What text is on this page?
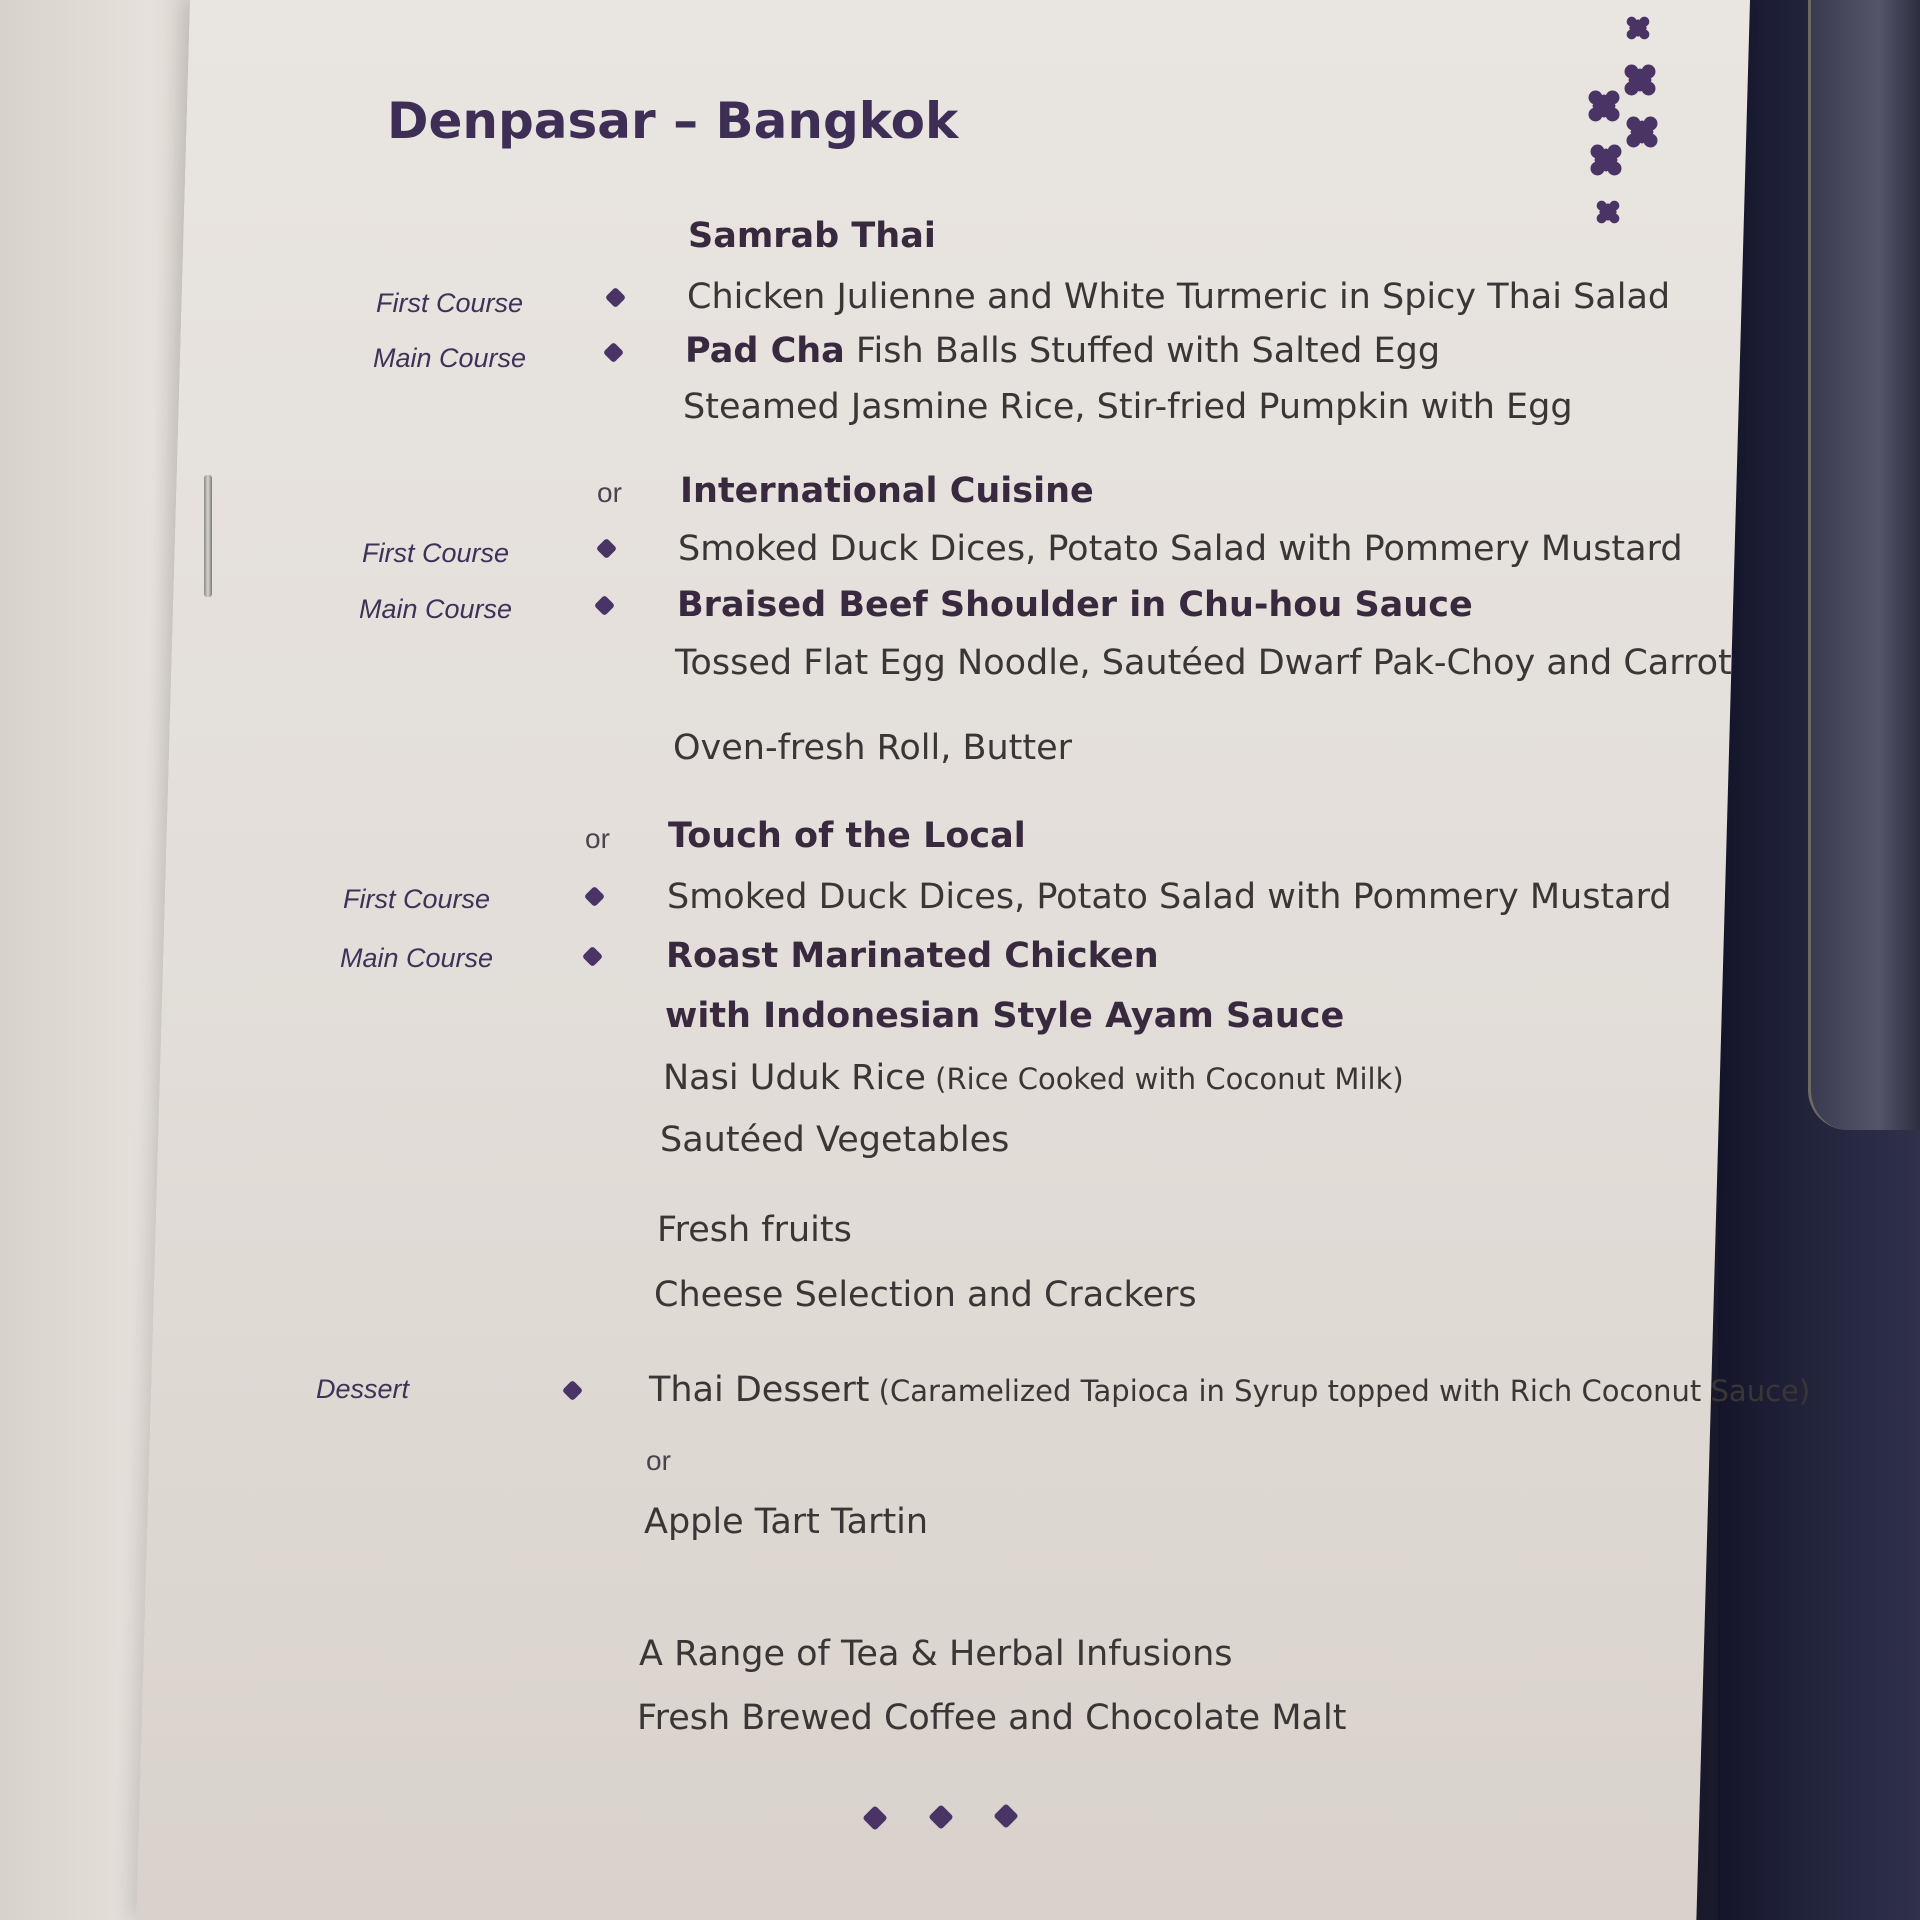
Denpasar – Bangkok
Samrab Thai
First Course	Chicken Julienne and White Turmeric in Spicy Thai Salad
Main Course	Pad Cha Fish Balls Stuffed with Salted Egg
Steamed Jasmine Rice, Stir-fried Pumpkin with Egg
or International Cuisine
First Course	Smoked Duck Dices, Potato Salad with Pommery Mustard
Main Course	Braised Beef Shoulder in Chu-hou Sauce
Tossed Flat Egg Noodle, Sautéed Dwarf Pak-Choy and Carrot
Oven-fresh Roll, Butter
or Touch of the Local
First Course	Smoked Duck Dices, Potato Salad with Pommery Mustard
Main Course	Roast Marinated Chicken
with Indonesian Style Ayam Sauce
Nasi Uduk Rice (Rice Cooked with Coconut Milk)
Sautéed Vegetables
Fresh fruits
Cheese Selection and Crackers
Dessert	Thai Dessert (Caramelized Tapioca in Syrup topped with Rich Coconut Sauce)
or
Apple Tart Tartin
A Range of Tea & Herbal Infusions
Fresh Brewed Coffee and Chocolate Malt
